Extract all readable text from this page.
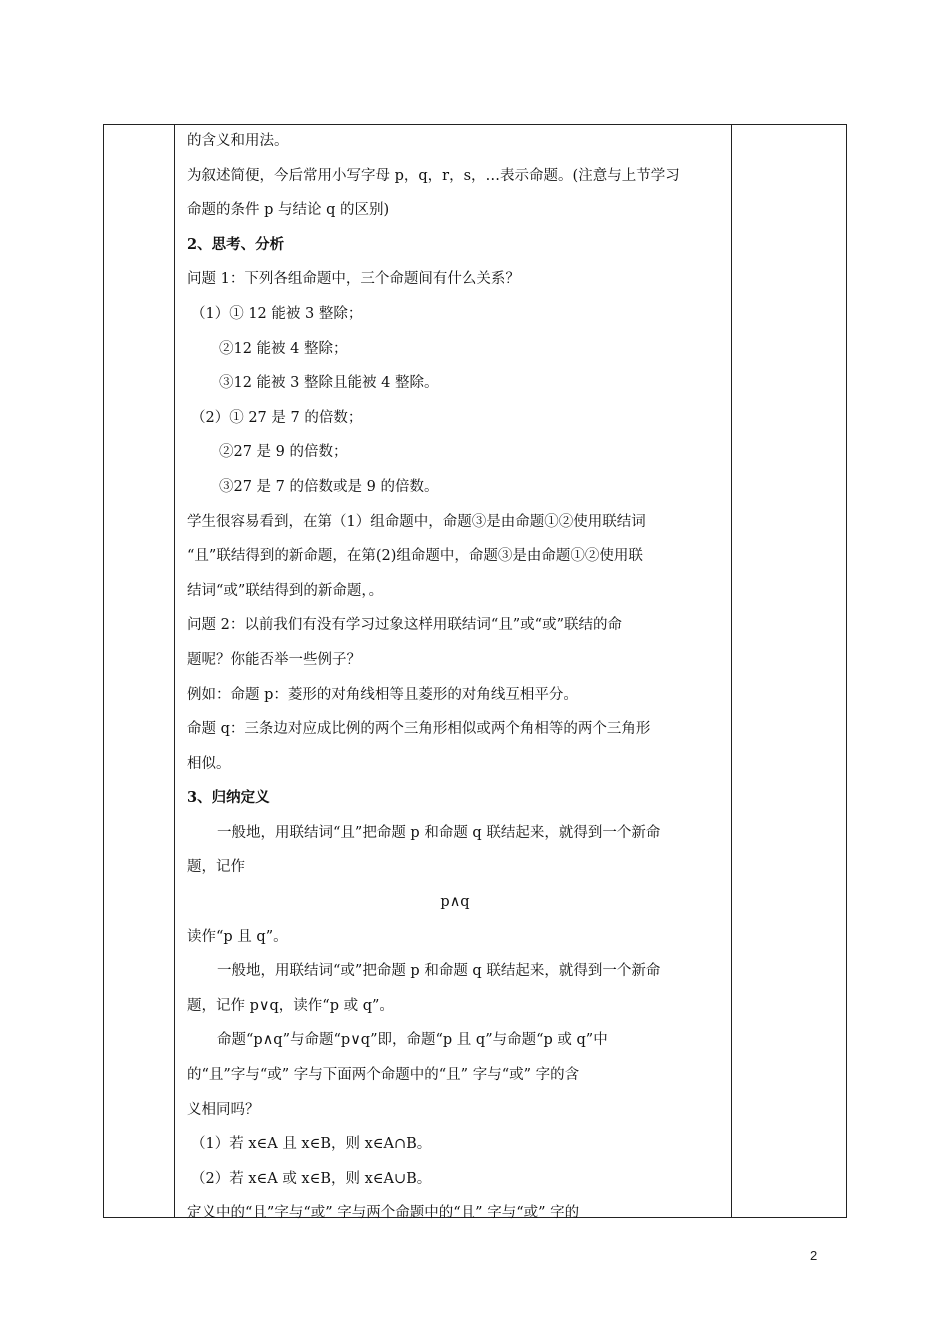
的含义和用法。

为叙述简便，今后常用小写字母 p，q，r，s，…表示命题。(注意与上节学习

命题的条件 p 与结论 q 的区别)

2、思考、分析

问题 1：下列各组命题中，三个命题间有什么关系？

（1）① 12 能被 3 整除；

②12 能被 4 整除；

③12 能被 3 整除且能被 4 整除。

（2）① 27 是 7 的倍数；

②27 是 9 的倍数；

③27 是 7 的倍数或是 9 的倍数。

学生很容易看到，在第（1）组命题中，命题③是由命题①②使用联结词

“且”联结得到的新命题，在第(2)组命题中，命题③是由命题①②使用联

结词“或”联结得到的新命题，。

问题 2：以前我们有没有学习过象这样用联结词“且”或“或”联结的命

题呢？你能否举一些例子？

例如：命题 p：菱形的对角线相等且菱形的对角线互相平分。

命题 q：三条边对应成比例的两个三角形相似或两个角相等的两个三角形

相似。

3、归纳定义

一般地，用联结词“且”把命题 p 和命题 q 联结起来，就得到一个新命

题，记作

p∧q

读作“p 且 q”。

一般地，用联结词“或”把命题 p 和命题 q 联结起来，就得到一个新命

题，记作 p∨q，读作“p 或 q”。

命题“p∧q”与命题“p∨q”即，命题“p 且 q”与命题“p 或 q”中

的“且”字与“或” 字与下面两个命题中的“且” 字与“或” 字的含

义相同吗？

（1）若 x∈A 且 x∈B，则 x∈A∩B。

（2）若 x∈A 或 x∈B，则 x∈A∪B。

定义中的“且”字与“或” 字与两个命题中的“且” 字与“或” 字的

2
